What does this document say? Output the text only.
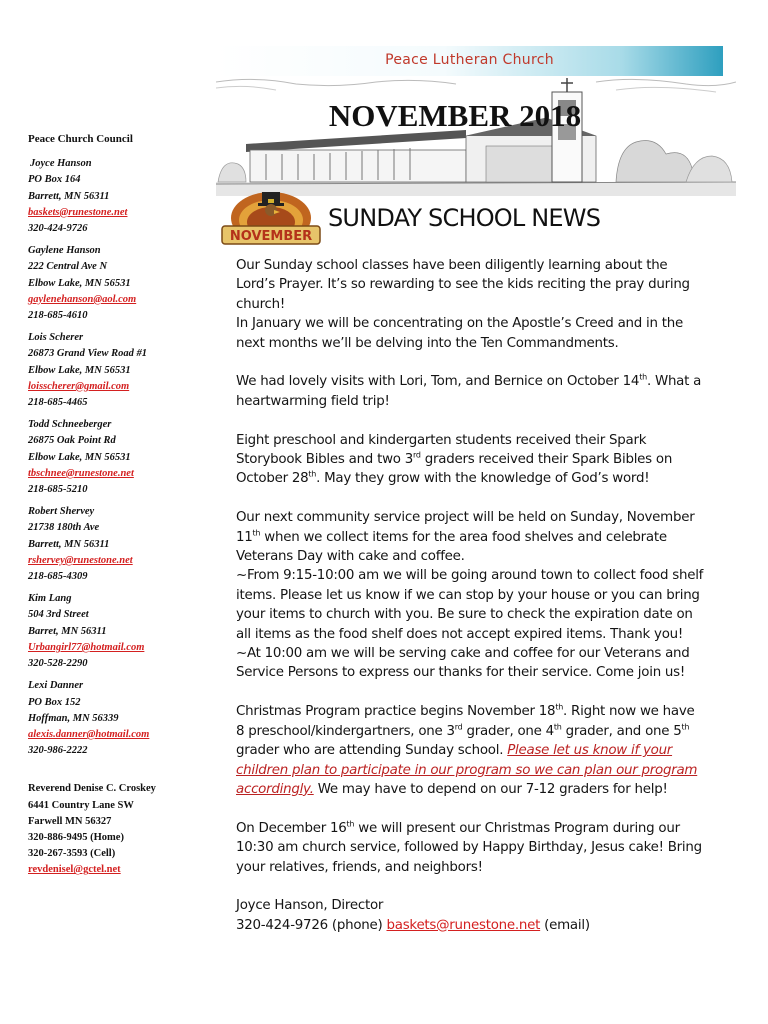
Peace Church Council
Joyce Hanson
PO Box 164
Barrett, MN 56311
baskets@runestone.net
320-424-9726
Gaylene Hanson
222 Central Ave N
Elbow Lake, MN 56531
gaylenehanson@aol.com
218-685-4610
Lois Scherer
26873 Grand View Road #1
Elbow Lake, MN 56531
loisscherer@gmail.com
218-685-4465
Todd Schneeberger
26875 Oak Point Rd
Elbow Lake, MN 56531
tbschnee@runestone.net
218-685-5210
Robert Shervey
21738 180th Ave
Barrett, MN 56311
rshervey@runestone.net
218-685-4309
Kim Lang
504 3rd Street
Barret, MN 56311
Urbangirl77@hotmail.com
320-528-2290
Lexi Danner
PO Box 152
Hoffman, MN 56339
alexis.danner@hotmail.com
320-986-2222
Reverend Denise C. Croskey
6441 Country Lane SW
Farwell MN 56327
320-886-9495 (Home)
320-267-3593 (Cell)
revdenisel@gctel.net
Peace Lutheran Church
NOVEMBER 2018
NOVEMBER
SUNDAY SCHOOL NEWS

Our Sunday school classes have been diligently learning about the Lord’s Prayer. It’s so rewarding to see the kids reciting the pray during church!

In January we will be concentrating on the Apostle’s Creed and in the next months we’ll be delving into the Ten Commandments.

We had lovely visits with Lori, Tom, and Bernice on October 14th. What a heartwarming field trip!

Eight preschool and kindergarten students received their Spark Storybook Bibles and two 3rd graders received their Spark Bibles on October 28th. May they grow with the knowledge of God’s word!

Our next community service project will be held on Sunday, November 11th when we collect items for the area food shelves and celebrate Veterans Day with cake and coffee.

~From 9:15-10:00 am we will be going around town to collect food shelf items. Please let us know if we can stop by your house or you can bring your items to church with you. Be sure to check the expiration date on all items as the food shelf does not accept expired items. Thank you!

~At 10:00 am we will be serving cake and coffee for our Veterans and Service Persons to express our thanks for their service. Come join us!

Christmas Program practice begins November 18th. Right now we have 8 preschool/kindergartners, one 3rd grader, one 4th grader, and one 5th grader who are attending Sunday school. Please let us know if your children plan to participate in our program so we can plan our program accordingly. We may have to depend on our 7-12 graders for help!

On December 16th we will present our Christmas Program during our 10:30 am church service, followed by Happy Birthday, Jesus cake! Bring your relatives, friends, and neighbors!

Joyce Hanson, Director

320-424-9726 (phone) baskets@runestone.net (email)
